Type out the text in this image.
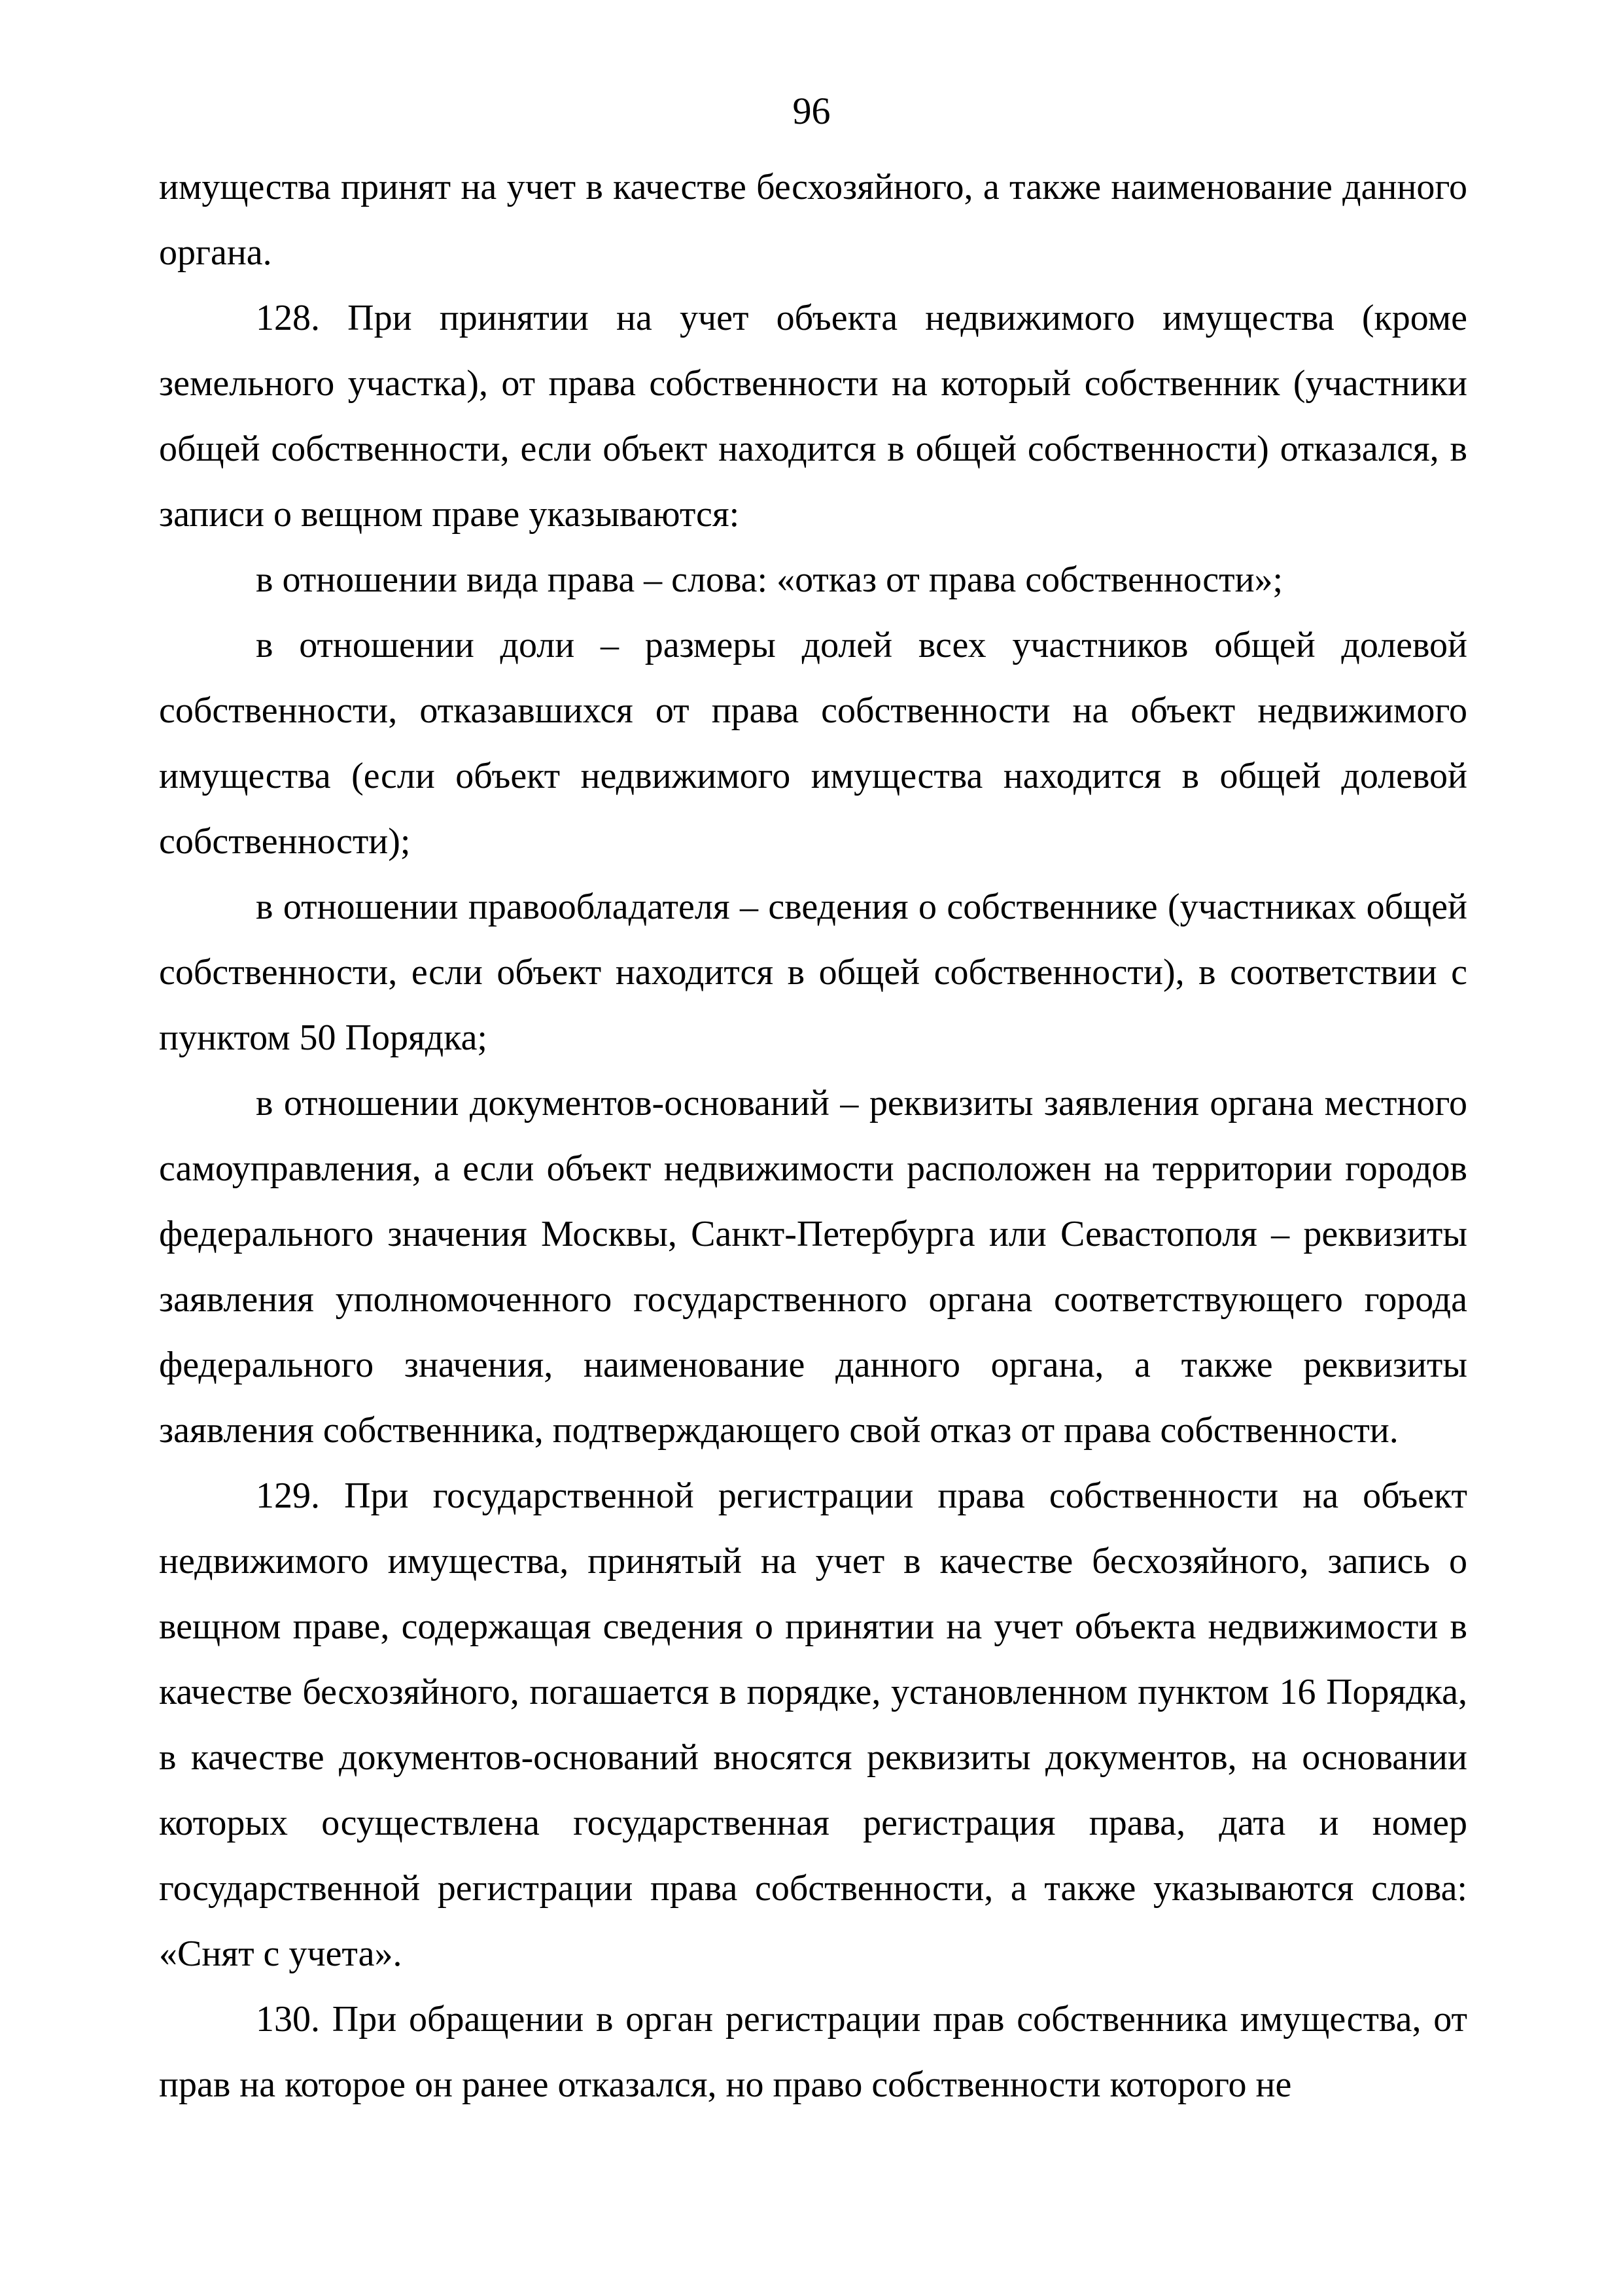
96

имущества принят на учет в качестве бесхозяйного, а также наименование данного органа.

128. При принятии на учет объекта недвижимого имущества (кроме земельного участка), от права собственности на который собственник (участники общей собственности, если объект находится в общей собственности) отказался, в записи о вещном праве указываются:

в отношении вида права – слова: «отказ от права собственности»;

в отношении доли – размеры долей всех участников общей долевой собственности, отказавшихся от права собственности на объект недвижимого имущества (если объект недвижимого имущества находится в общей долевой собственности);

в отношении правообладателя – сведения о собственнике (участниках общей собственности, если объект находится в общей собственности), в соответствии с пунктом 50 Порядка;

в отношении документов-оснований – реквизиты заявления органа местного самоуправления, а если объект недвижимости расположен на территории городов федерального значения Москвы, Санкт-Петербурга или Севастополя – реквизиты заявления уполномоченного государственного органа соответствующего города федерального значения, наименование данного органа, а также реквизиты заявления собственника, подтверждающего свой отказ от права собственности.

129. При государственной регистрации права собственности на объект недвижимого имущества, принятый на учет в качестве бесхозяйного, запись о вещном праве, содержащая сведения о принятии на учет объекта недвижимости в качестве бесхозяйного, погашается в порядке, установленном пунктом 16 Порядка, в качестве документов-оснований вносятся реквизиты документов, на основании которых осуществлена государственная регистрация права, дата и номер государственной регистрации права собственности, а также указываются слова: «Снят с учета».

130. При обращении в орган регистрации прав собственника имущества, от прав на которое он ранее отказался, но право собственности которого не
